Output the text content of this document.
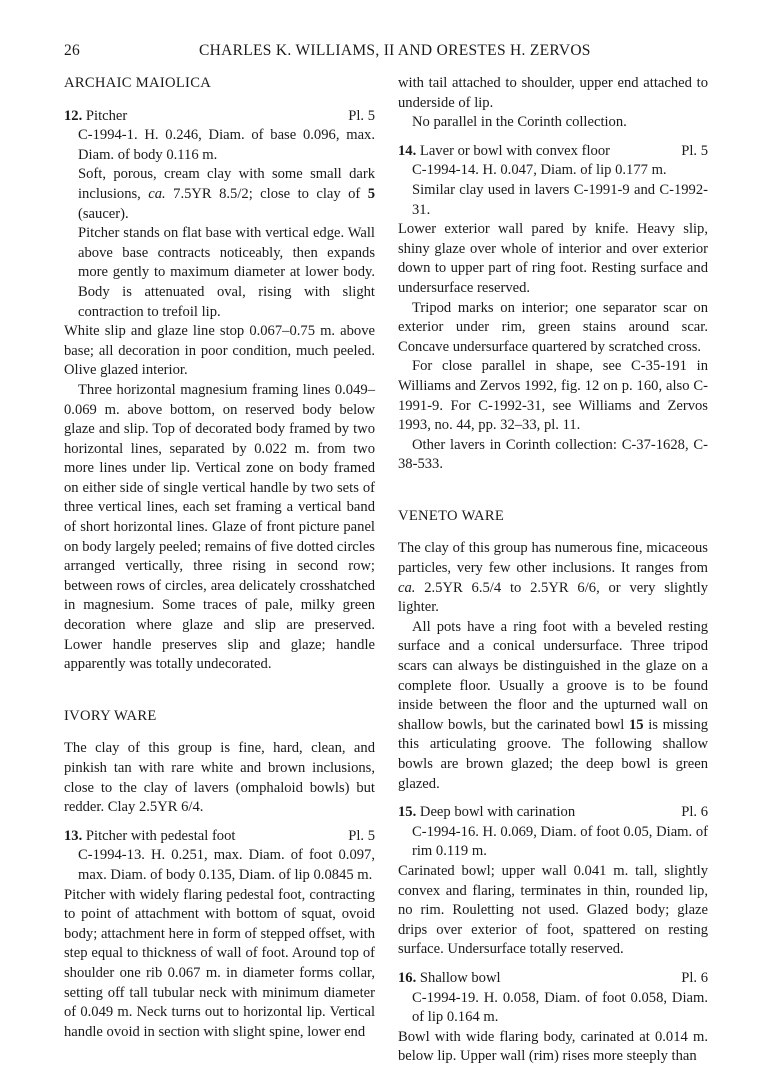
26	CHARLES K. WILLIAMS, II AND ORESTES H. ZERVOS

ARCHAIC MAIOLICA

12. Pitcher	Pl. 5

C-1994-1. H. 0.246, Diam. of base 0.096, max. Diam. of body 0.116 m.

Soft, porous, cream clay with some small dark inclusions, ca. 7.5YR 8.5/2; close to clay of 5 (saucer).

Pitcher stands on flat base with vertical edge. Wall above base contracts noticeably, then expands more gently to maximum diameter at lower body. Body is attenuated oval, rising with slight contraction to trefoil lip.

White slip and glaze line stop 0.067–0.75 m. above base; all decoration in poor condition, much peeled. Olive glazed interior.

Three horizontal magnesium framing lines 0.049–0.069 m. above bottom, on reserved body below glaze and slip. Top of decorated body framed by two horizontal lines, separated by 0.022 m. from two more lines under lip. Vertical zone on body framed on either side of single vertical handle by two sets of three vertical lines, each set framing a vertical band of short horizontal lines. Glaze of front picture panel on body largely peeled; remains of five dotted circles arranged vertically, three rising in second row; between rows of circles, area delicately crosshatched in magnesium. Some traces of pale, milky green decoration where glaze and slip are preserved. Lower handle preserves slip and glaze; handle apparently was totally undecorated.

IVORY WARE

The clay of this group is fine, hard, clean, and pinkish tan with rare white and brown inclusions, close to the clay of lavers (omphaloid bowls) but redder. Clay 2.5YR 6/4.

13. Pitcher with pedestal foot	Pl. 5

C-1994-13. H. 0.251, max. Diam. of foot 0.097, max. Diam. of body 0.135, Diam. of lip 0.0845 m.

Pitcher with widely flaring pedestal foot, contracting to point of attachment with bottom of squat, ovoid body; attachment here in form of stepped offset, with step equal to thickness of wall of foot. Around top of shoulder one rib 0.067 m. in diameter forms collar, setting off tall tubular neck with minimum diameter of 0.049 m. Neck turns out to horizontal lip. Vertical handle ovoid in section with slight spine, lower end

with tail attached to shoulder, upper end attached to underside of lip.

No parallel in the Corinth collection.

14. Laver or bowl with convex floor	Pl. 5

C-1994-14. H. 0.047, Diam. of lip 0.177 m.

Similar clay used in lavers C-1991-9 and C-1992-31.

Lower exterior wall pared by knife. Heavy slip, shiny glaze over whole of interior and over exterior down to upper part of ring foot. Resting surface and undersurface reserved.

Tripod marks on interior; one separator scar on exterior under rim, green stains around scar. Concave undersurface quartered by scratched cross.

For close parallel in shape, see C-35-191 in Williams and Zervos 1992, fig. 12 on p. 160, also C-1991-9. For C-1992-31, see Williams and Zervos 1993, no. 44, pp. 32–33, pl. 11.

Other lavers in Corinth collection: C-37-1628, C-38-533.

VENETO WARE

The clay of this group has numerous fine, micaceous particles, very few other inclusions. It ranges from ca. 2.5YR 6.5/4 to 2.5YR 6/6, or very slightly lighter.

All pots have a ring foot with a beveled resting surface and a conical undersurface. Three tripod scars can always be distinguished in the glaze on a complete floor. Usually a groove is to be found inside between the floor and the upturned wall on shallow bowls, but the carinated bowl 15 is missing this articulating groove. The following shallow bowls are brown glazed; the deep bowl is green glazed.

15. Deep bowl with carination	Pl. 6

C-1994-16. H. 0.069, Diam. of foot 0.05, Diam. of rim 0.119 m.

Carinated bowl; upper wall 0.041 m. tall, slightly convex and flaring, terminates in thin, rounded lip, no rim. Rouletting not used. Glazed body; glaze drips over exterior of foot, spattered on resting surface. Undersurface totally reserved.

16. Shallow bowl	Pl. 6

C-1994-19. H. 0.058, Diam. of foot 0.058, Diam. of lip 0.164 m.

Bowl with wide flaring body, carinated at 0.014 m. below lip. Upper wall (rim) rises more steeply than
